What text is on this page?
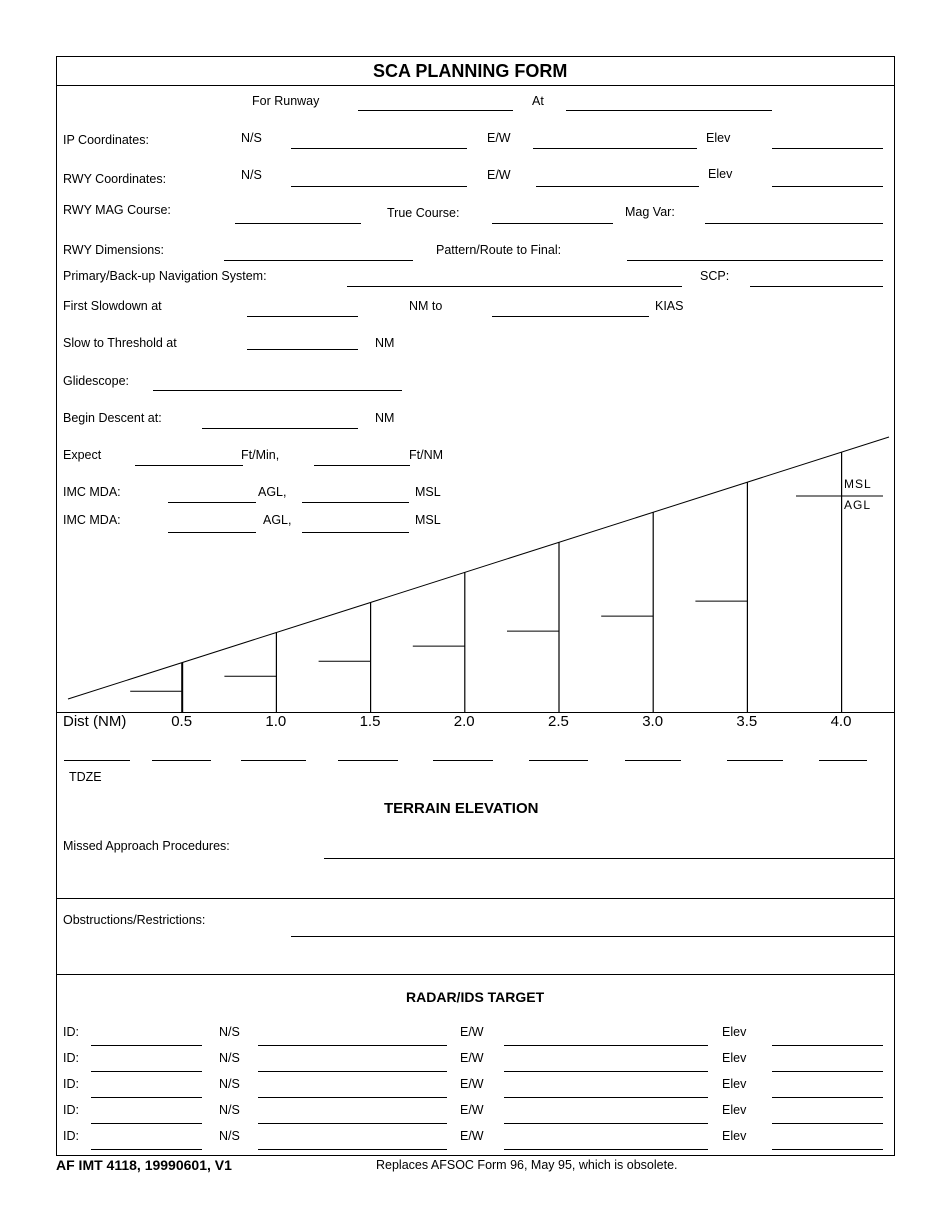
SCA PLANNING FORM
For Runway	At
IP Coordinates:	N/S	E/W	Elev
RWY Coordinates:	N/S	E/W	Elev
RWY MAG Course:	True Course:	Mag Var:
RWY Dimensions:	Pattern/Route to Final:
Primary/Back-up Navigation System:	SCP:
First Slowdown at	NM to	KIAS
Slow to Threshold at	NM
Glidescope:
Begin Descent at:	NM
Expect	Ft/Min,	Ft/NM
IMC MDA:	AGL,	MSL
IMC MDA:	AGL,	MSL
MSL
AGL
Dist (NM)	0.5	1.0	1.5	2.0	2.5	3.0	3.5	4.0
TDZE
TERRAIN ELEVATION
Missed Approach Procedures:
Obstructions/Restrictions:
RADAR/IDS TARGET
ID:	N/S	E/W	Elev
ID:	N/S	E/W	Elev
ID:	N/S	E/W	Elev
ID:	N/S	E/W	Elev
ID:	N/S	E/W	Elev
AF IMT 4118, 19990601, V1	Replaces AFSOC Form 96, May 95, which is obsolete.
